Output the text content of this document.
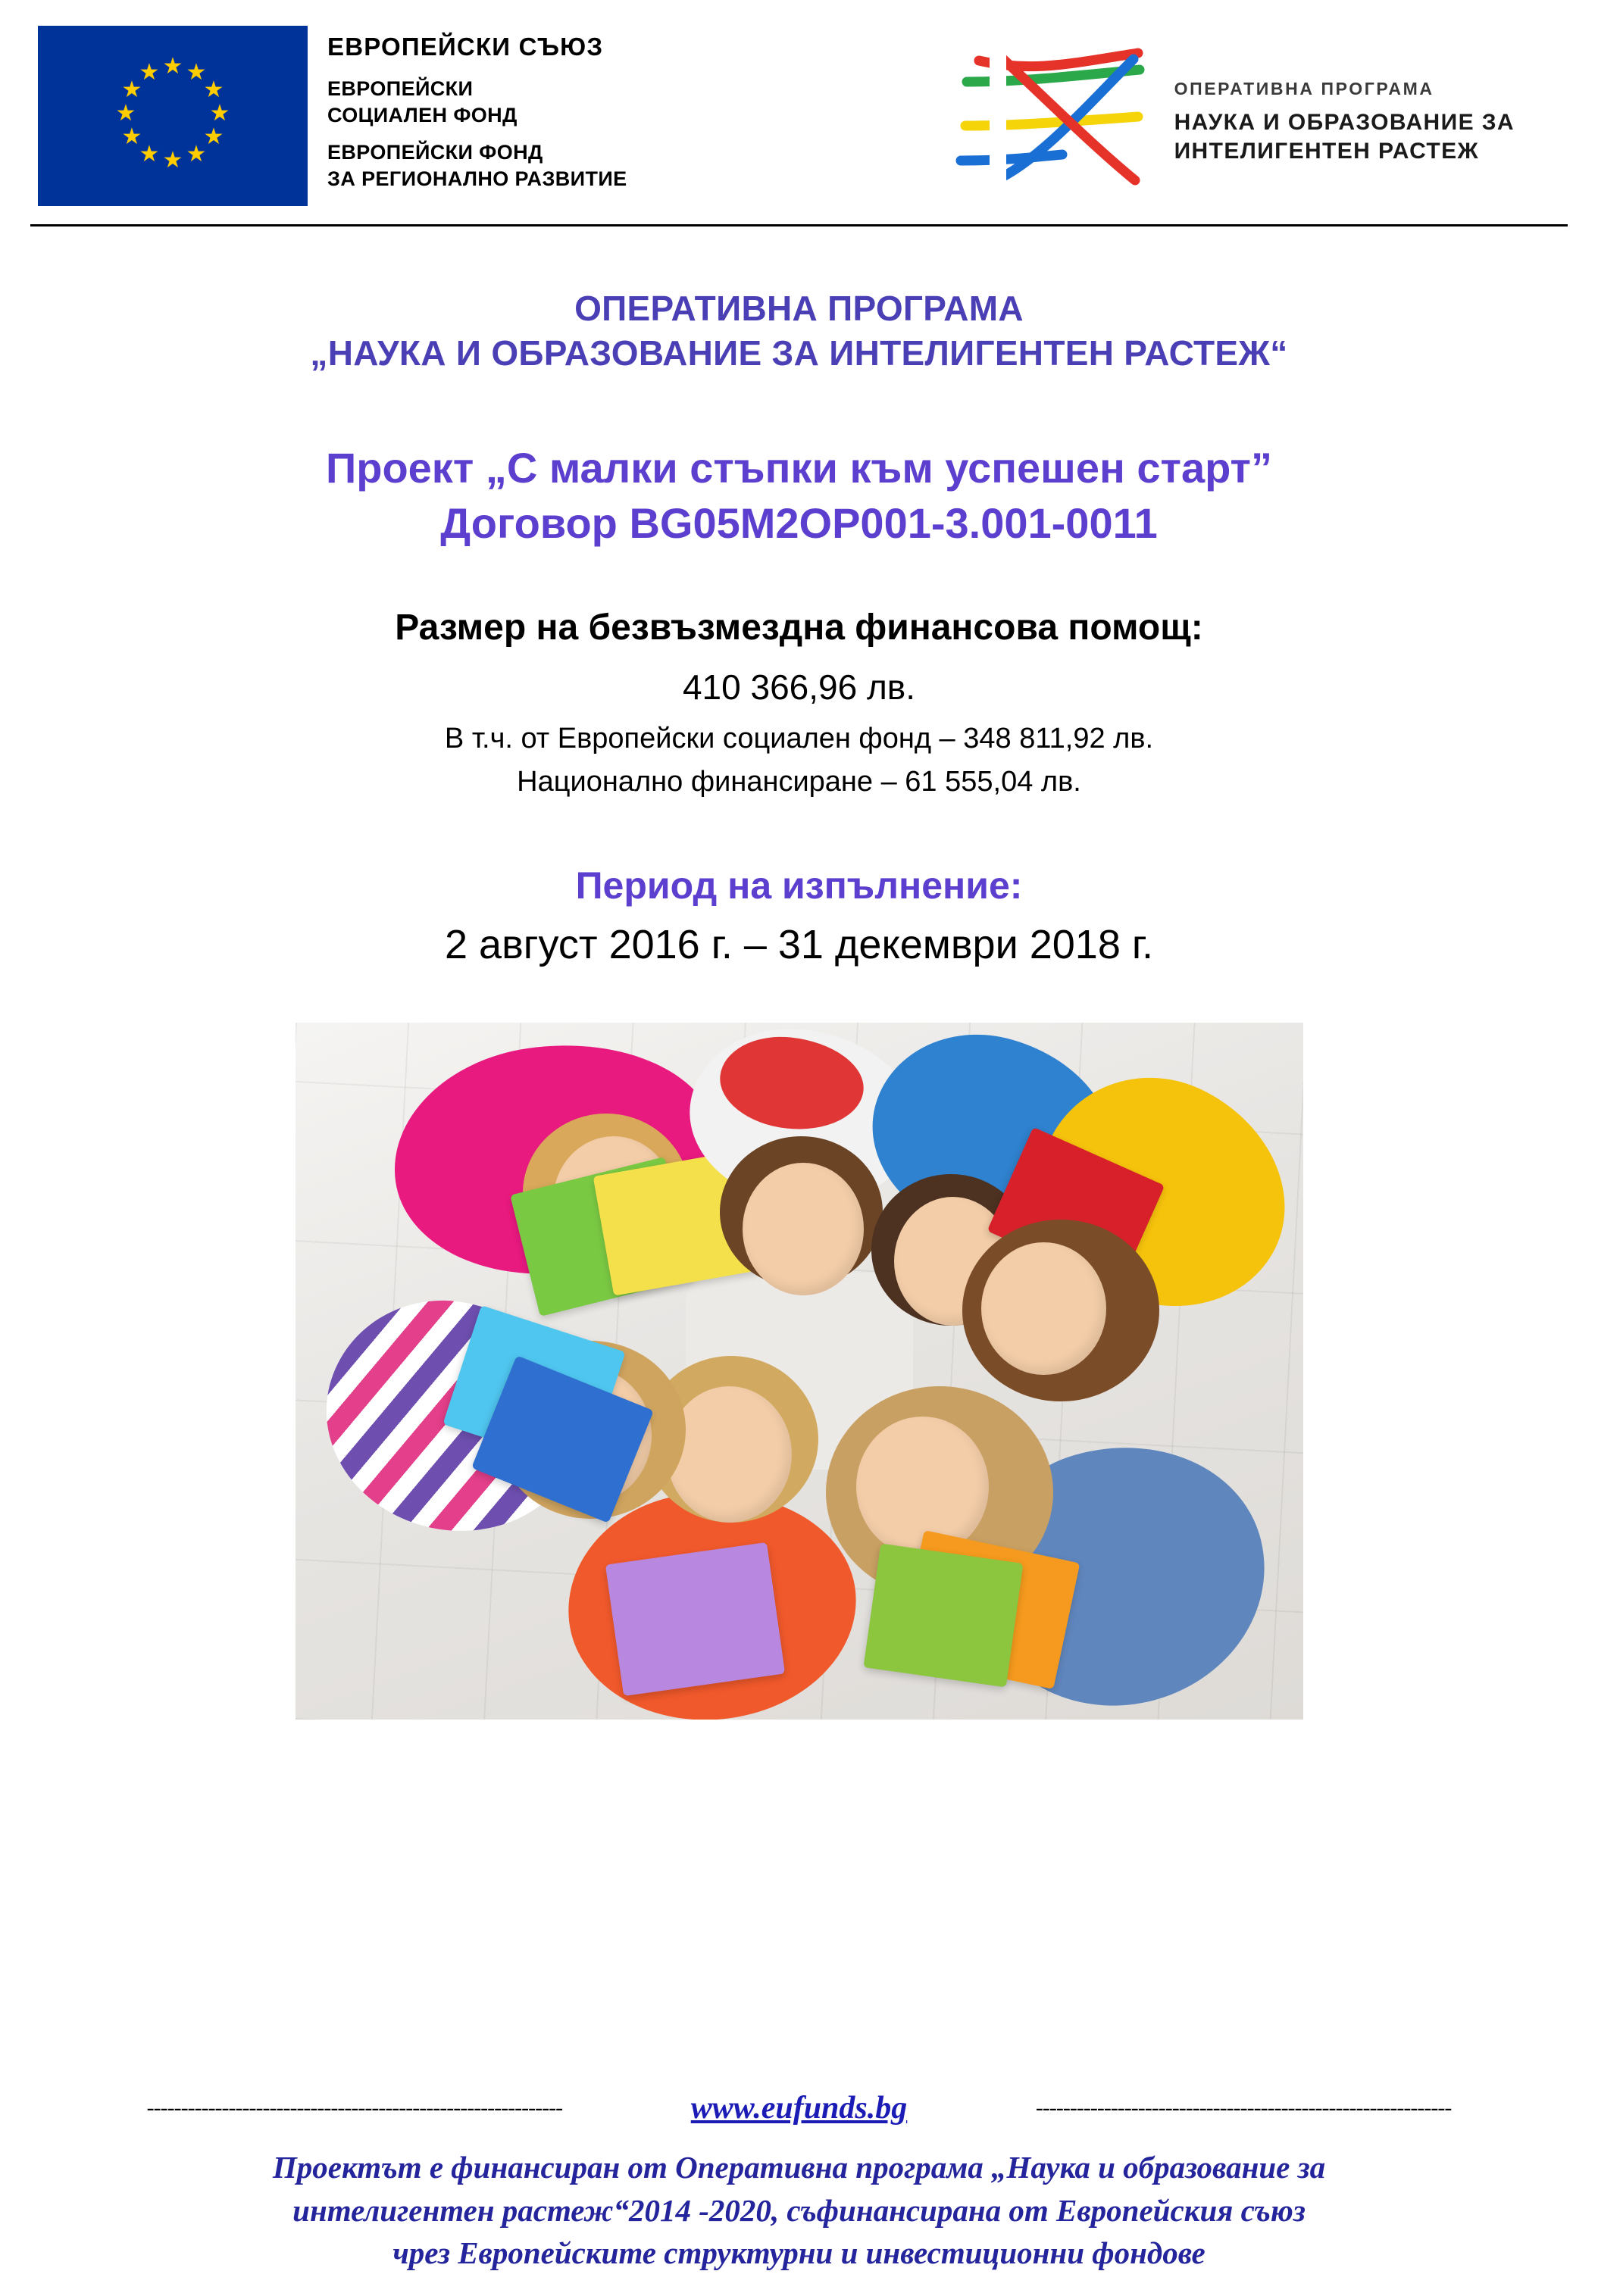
★ ★
★
★
★
★
★
★
★
★
★
★
ЕВРОПЕЙСКИ СЪЮЗ
ЕВРОПЕЙСКИ
СОЦИАЛЕН ФОНД
ЕВРОПЕЙСКИ ФОНД
ЗА РЕГИОНАЛНО РАЗВИТИЕ
ОПЕРАТИВНА ПРОГРАМА
НАУКА И ОБРАЗОВАНИЕ ЗА
ИНТЕЛИГЕНТЕН РАСТЕЖ
ОПЕРАТИВНА ПРОГРАМА
„НАУКА И ОБРАЗОВАНИЕ ЗА ИНТЕЛИГЕНТЕН РАСТЕЖ“
Проект „С малки стъпки към успешен старт”
Договор BG05M2OP001-3.001-0011
Размер на безвъзмездна финансова помощ:
410 366,96 лв.
В т.ч. от Европейски социален фонд – 348 811,92 лв.
Национално финансиране – 61 555,04 лв.
Период на изпълнение:
2 август 2016 г. – 31 декември 2018 г.
-------------------------------------------------------------	www.eufunds.bg	-------------------------------------------------------------
Проектът е финансиран от Оперативна програма „Наука и образование за
интелигентен растеж“2014 -2020, съфинансирана от Европейския съюз
чрез Европейските структурни и инвестиционни фондове
